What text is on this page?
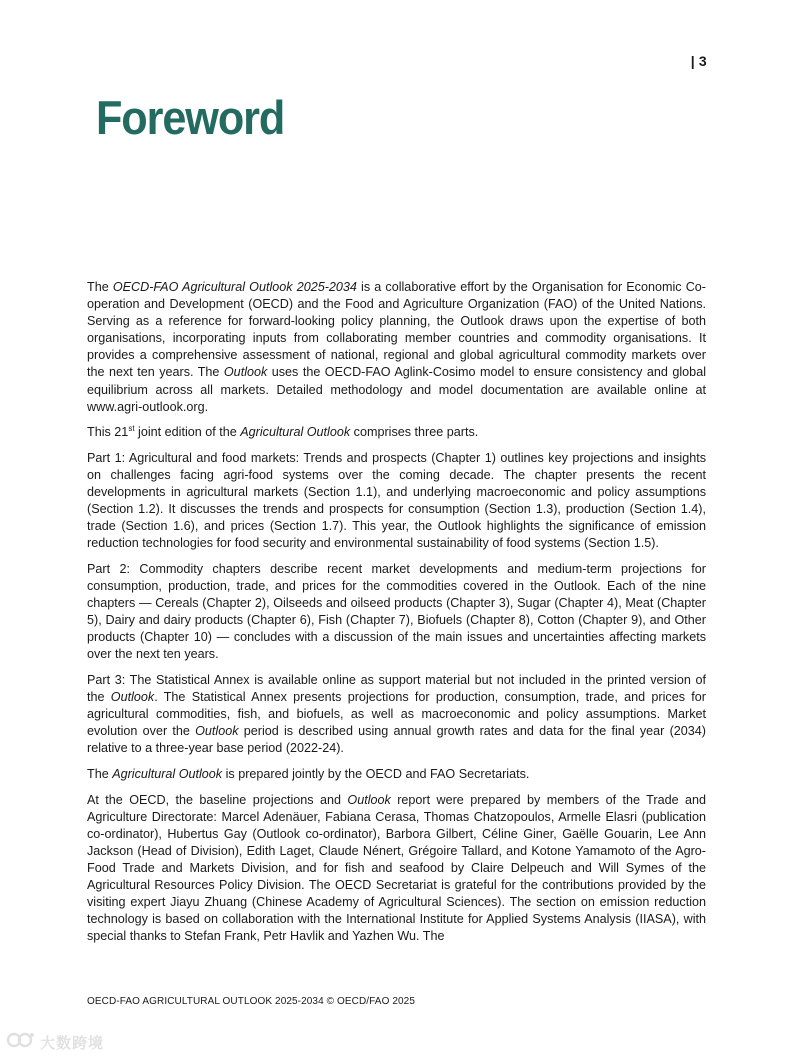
| 3
Foreword

The OECD-FAO Agricultural Outlook 2025-2034 is a collaborative effort by the Organisation for Economic Co-operation and Development (OECD) and the Food and Agriculture Organization (FAO) of the United Nations. Serving as a reference for forward-looking policy planning, the Outlook draws upon the expertise of both organisations, incorporating inputs from collaborating member countries and commodity organisations. It provides a comprehensive assessment of national, regional and global agricultural commodity markets over the next ten years. The Outlook uses the OECD-FAO Aglink-Cosimo model to ensure consistency and global equilibrium across all markets. Detailed methodology and model documentation are available online at www.agri-outlook.org.

This 21st joint edition of the Agricultural Outlook comprises three parts.

Part 1: Agricultural and food markets: Trends and prospects (Chapter 1) outlines key projections and insights on challenges facing agri-food systems over the coming decade. The chapter presents the recent developments in agricultural markets (Section 1.1), and underlying macroeconomic and policy assumptions (Section 1.2). It discusses the trends and prospects for consumption (Section 1.3), production (Section 1.4), trade (Section 1.6), and prices (Section 1.7). This year, the Outlook highlights the significance of emission reduction technologies for food security and environmental sustainability of food systems (Section 1.5).

Part 2: Commodity chapters describe recent market developments and medium-term projections for consumption, production, trade, and prices for the commodities covered in the Outlook. Each of the nine chapters — Cereals (Chapter 2), Oilseeds and oilseed products (Chapter 3), Sugar (Chapter 4), Meat (Chapter 5), Dairy and dairy products (Chapter 6), Fish (Chapter 7), Biofuels (Chapter 8), Cotton (Chapter 9), and Other products (Chapter 10) — concludes with a discussion of the main issues and uncertainties affecting markets over the next ten years.

Part 3: The Statistical Annex is available online as support material but not included in the printed version of the Outlook. The Statistical Annex presents projections for production, consumption, trade, and prices for agricultural commodities, fish, and biofuels, as well as macroeconomic and policy assumptions. Market evolution over the Outlook period is described using annual growth rates and data for the final year (2034) relative to a three-year base period (2022-24).

The Agricultural Outlook is prepared jointly by the OECD and FAO Secretariats.

At the OECD, the baseline projections and Outlook report were prepared by members of the Trade and Agriculture Directorate: Marcel Adenäuer, Fabiana Cerasa, Thomas Chatzopoulos, Armelle Elasri (publication co-ordinator), Hubertus Gay (Outlook co-ordinator), Barbora Gilbert, Céline Giner, Gaëlle Gouarin, Lee Ann Jackson (Head of Division), Edith Laget, Claude Nénert, Grégoire Tallard, and Kotone Yamamoto of the Agro-Food Trade and Markets Division, and for fish and seafood by Claire Delpeuch and Will Symes of the Agricultural Resources Policy Division. The OECD Secretariat is grateful for the contributions provided by the visiting expert Jiayu Zhuang (Chinese Academy of Agricultural Sciences). The section on emission reduction technology is based on collaboration with the International Institute for Applied Systems Analysis (IIASA), with special thanks to Stefan Frank, Petr Havlik and Yazhen Wu. The

OECD-FAO AGRICULTURAL OUTLOOK 2025-2034 © OECD/FAO 2025
大数跨境
